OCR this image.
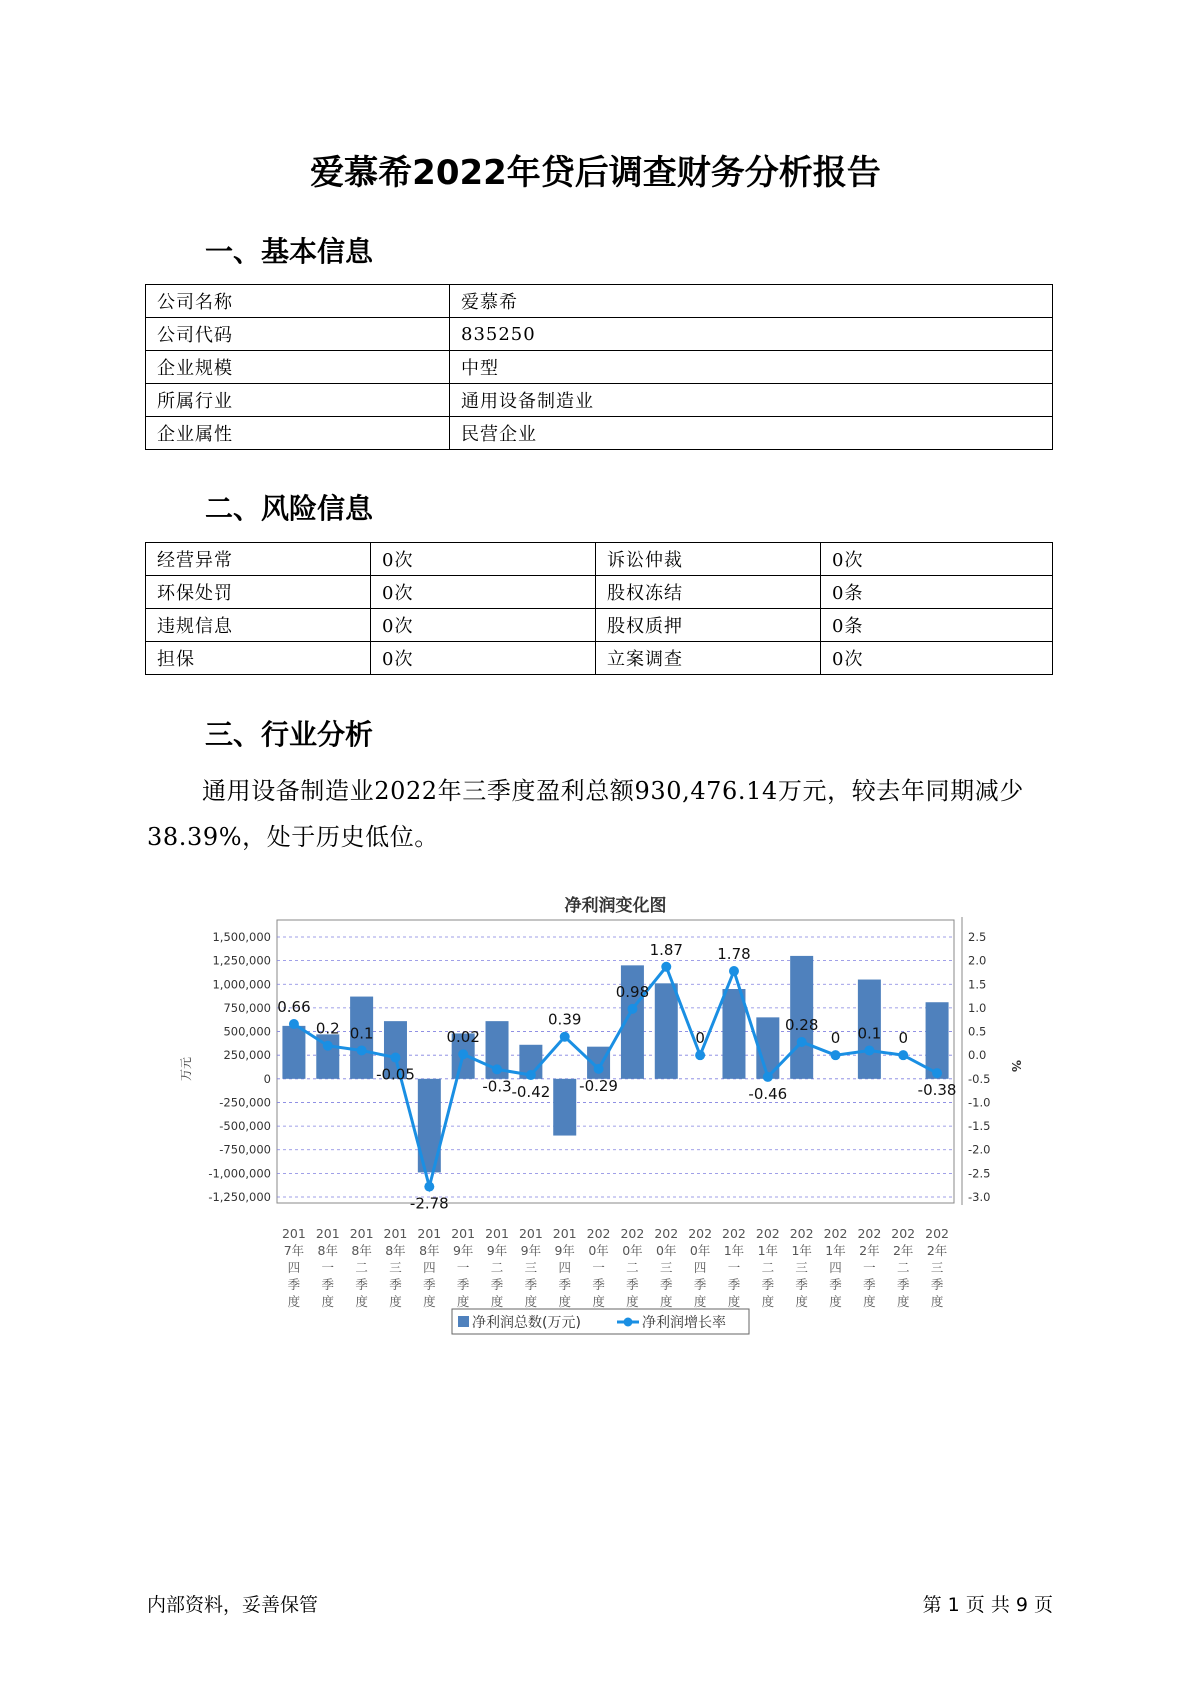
爱慕希2022年贷后调查财务分析报告
一、基本信息
公司名称	爱慕希
公司代码	835250
企业规模	中型
所属行业	通用设备制造业
企业属性	民营企业
二、风险信息
经营异常	0次	诉讼仲裁	0次
环保处罚	0次	股权冻结	0条
违规信息	0次	股权质押	0条
担保	0次	立案调查	0次
三、行业分析
通用设备制造业2022年三季度盈利总额930,476.14万元，较去年同期减少38.39%，处于历史低位。
净利润变化图
1,500,000
1,250,000
1,000,000
750,000
500,000
250,000
0
-250,000
-500,000
-750,000
-1,000,000
-1,250,000
2.5
2.0
1.5
1.0
0.5
0.0
-0.5
-1.0
-1.5
-2.0
-2.5
-3.0
万元	%
0.66
0.2 0.1
-0.05
-2.78
0.02
-0.3 -0.42
0.39
-0.29
0.98
1.87
0
1.78
-0.46
0.28
0 0.1 0
-0.38
201
7年
四
季
度
201
8年
一
季
度
201
8年
二
季
度
201
8年
三
季
度
201
8年
四
季
度
201
9年
一
季
度
201
9年
二
季
度
201
9年
三
季
度
201
9年
四
季
度
202
0年
一
季
度
202
0年
二
季
度
202
0年
三
季
度
202
0年
四
季
度
202
1年
一
季
度
202
1年
二
季
度
202
1年
三
季
度
202
1年
四
季
度
202
2年
一
季
度
202
2年
二
季
度
202
2年
三
季
度
净利润总数(万元)	净利润增长率
内部资料，妥善保管	第 1 页 共 9 页
